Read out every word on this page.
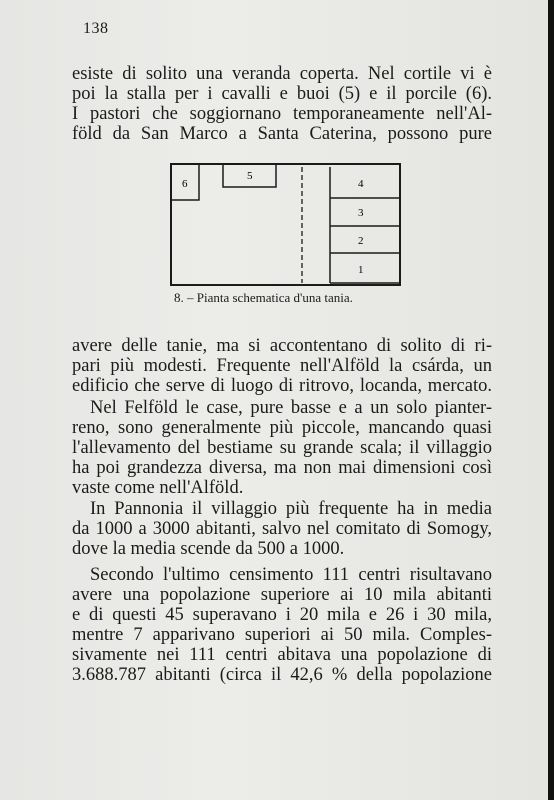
138
esiste di solito una veranda coperta. Nel cortile vi è
poi la stalla per i cavalli e buoi (5) e il porcile (6).
I pastori che soggiornano temporaneamente nell'Al-
föld da San Marco a Santa Caterina, possono pure
6
5
4
3
2
1
8. – Pianta schematica d'una tania.
avere delle tanie, ma si accontentano di solito di ri-
pari più modesti. Frequente nell'Alföld la csárda, un
edificio che serve di luogo di ritrovo, locanda, mercato.
Nel Felföld le case, pure basse e a un solo pianter-
reno, sono generalmente più piccole, mancando quasi
l'allevamento del bestiame su grande scala; il villaggio
ha poi grandezza diversa, ma non mai dimensioni così
vaste come nell'Alföld.
In Pannonia il villaggio più frequente ha in media
da 1000 a 3000 abitanti, salvo nel comitato di Somogy,
dove la media scende da 500 a 1000.
Secondo l'ultimo censimento 111 centri risultavano
avere una popolazione superiore ai 10 mila abitanti
e di questi 45 superavano i 20 mila e 26 i 30 mila,
mentre 7 apparivano superiori ai 50 mila. Comples-
sivamente nei 111 centri abitava una popolazione di
3.688.787 abitanti (circa il 42,6 % della popolazione
